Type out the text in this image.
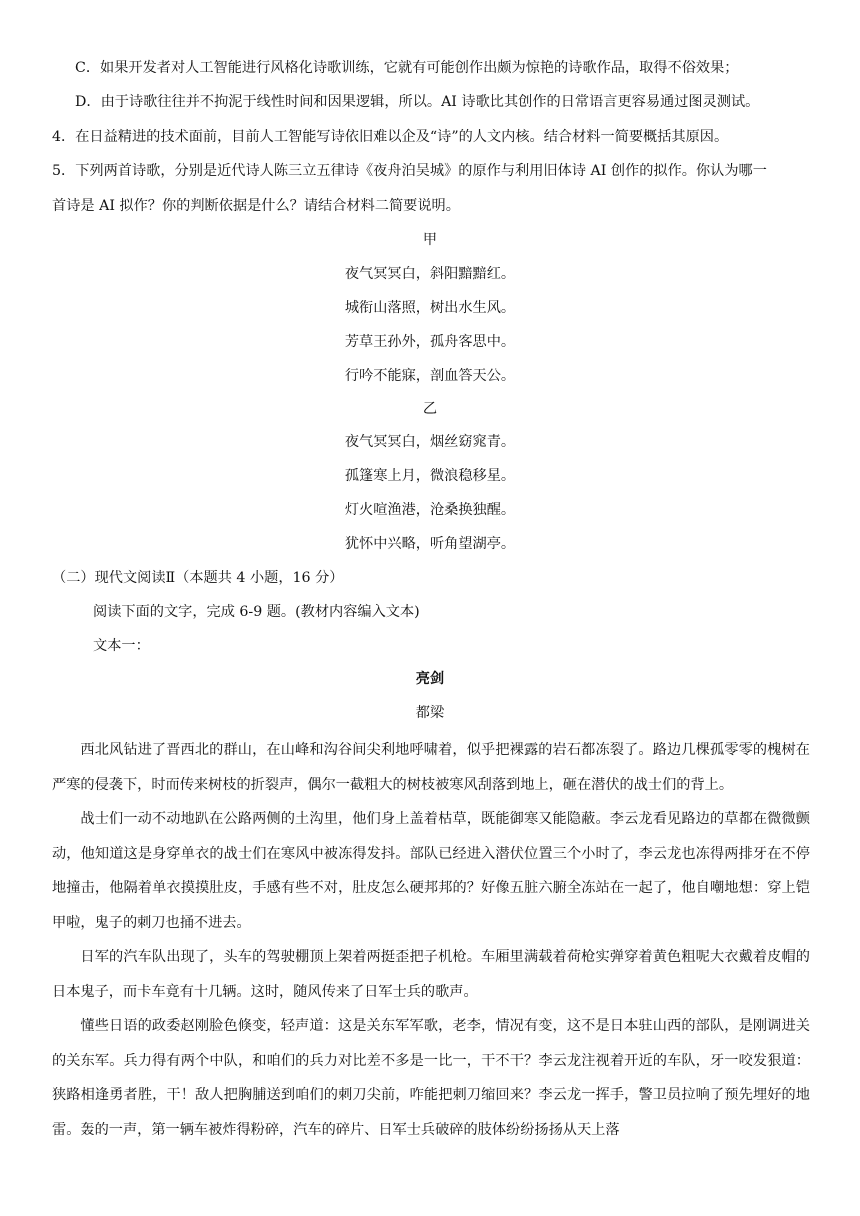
C．如果开发者对人工智能进行风格化诗歌训练，它就有可能创作出颇为惊艳的诗歌作品，取得不俗效果；
D．由于诗歌往往并不拘泥于线性时间和因果逻辑，所以。AI 诗歌比其创作的日常语言更容易通过图灵测试。
4．在日益精进的技术面前，目前人工智能写诗依旧难以企及“诗”的人文内核。结合材料一简要概括其原因。
5．下列两首诗歌，分别是近代诗人陈三立五律诗《夜舟泊吴城》的原作与利用旧体诗 AI 创作的拟作。你认为哪一
首诗是 AI 拟作？你的判断依据是什么？请结合材料二简要说明。
甲
夜气冥冥白，斜阳黯黯红。
城衔山落照，树出水生风。
芳草王孙外，孤舟客思中。
行吟不能寐，剖血答天公。
乙
夜气冥冥白，烟丝窈窕青。
孤篷寒上月，微浪稳移星。
灯火喧渔港，沧桑换独醒。
犹怀中兴略，听角望湖亭。
（二）现代文阅读Ⅱ（本题共 4 小题，16 分）
阅读下面的文字，完成 6-9 题。(教材内容编入文本)
文本一：
亮剑
都梁
西北风钻进了晋西北的群山，在山峰和沟谷间尖利地呼啸着，似乎把裸露的岩石都冻裂了。路边几棵孤零零的槐树在严寒的侵袭下，时而传来树枝的折裂声，偶尔一截粗大的树枝被寒风刮落到地上，砸在潜伏的战士们的背上。
战士们一动不动地趴在公路两侧的土沟里，他们身上盖着枯草，既能御寒又能隐蔽。李云龙看见路边的草都在微微颤动，他知道这是身穿单衣的战士们在寒风中被冻得发抖。部队已经进入潜伏位置三个小时了，李云龙也冻得两排牙在不停地撞击，他隔着单衣摸摸肚皮，手感有些不对，肚皮怎么硬邦邦的？好像五脏六腑全冻站在一起了，他自嘲地想：穿上铠甲啦，鬼子的刺刀也捅不进去。
日军的汽车队出现了，头车的驾驶棚顶上架着两挺歪把子机枪。车厢里满载着荷枪实弹穿着黄色粗呢大衣戴着皮帽的日本鬼子，而卡车竟有十几辆。这时，随风传来了日军士兵的歌声。
懂些日语的政委赵刚脸色倏变，轻声道：这是关东军军歌，老李，情况有变，这不是日本驻山西的部队，是刚调进关的关东军。兵力得有两个中队，和咱们的兵力对比差不多是一比一，干不干？李云龙注视着开近的车队，牙一咬发狠道：狭路相逢勇者胜，干！敌人把胸脯送到咱们的刺刀尖前，咋能把刺刀缩回来？李云龙一挥手，警卫员拉响了预先埋好的地雷。轰的一声，第一辆车被炸得粉碎，汽车的碎片、日军士兵破碎的肢体纷纷扬扬从天上落
